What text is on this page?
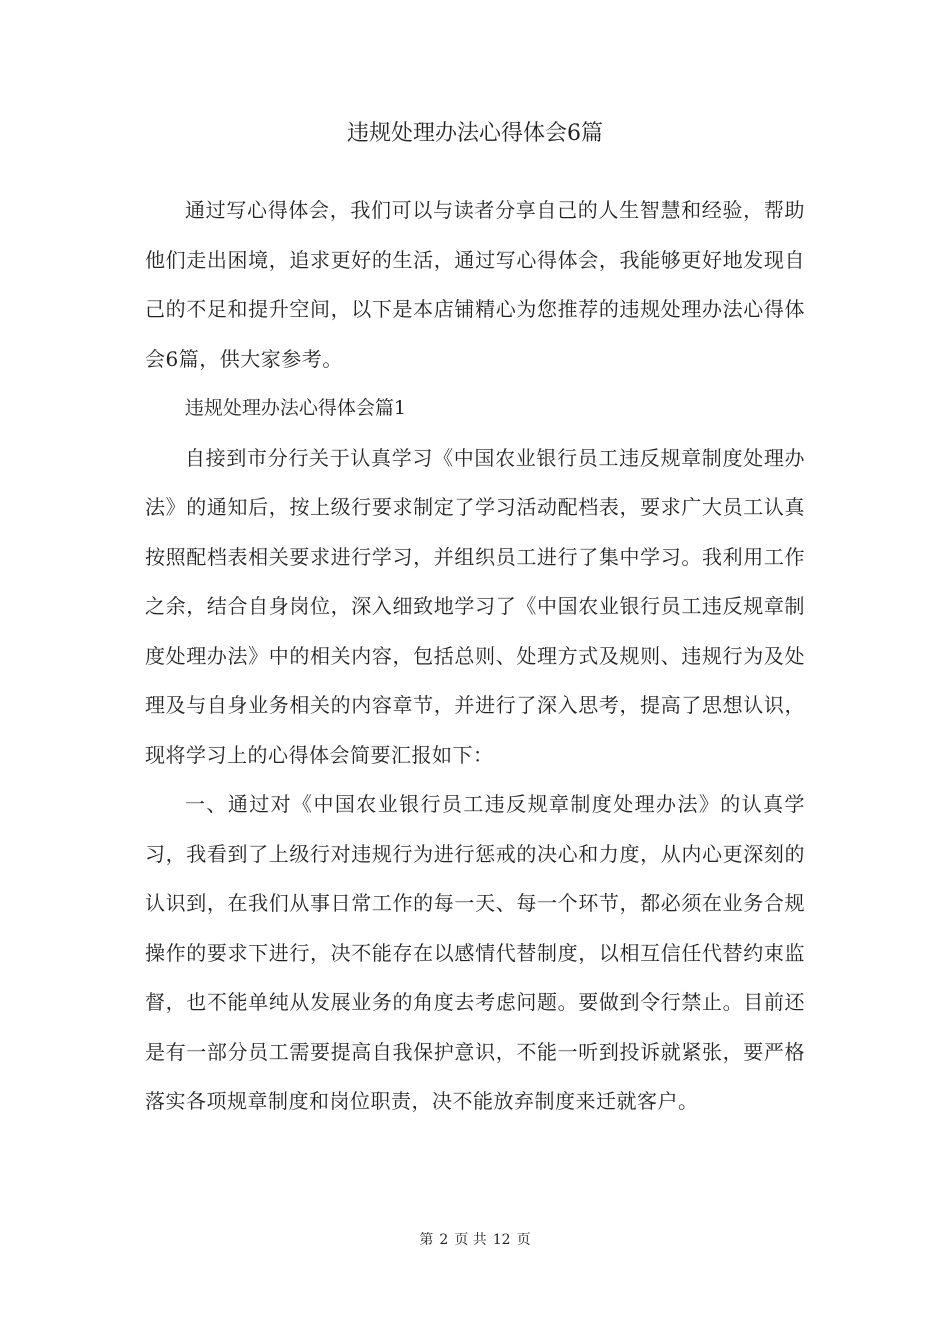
违规处理办法心得体会6篇

通过写心得体会，我们可以与读者分享自己的人生智慧和经验，帮助他们走出困境，追求更好的生活，通过写心得体会，我能够更好地发现自己的不足和提升空间，以下是本店铺精心为您推荐的违规处理办法心得体会6篇，供大家参考。

违规处理办法心得体会篇1

自接到市分行关于认真学习《中国农业银行员工违反规章制度处理办法》的通知后，按上级行要求制定了学习活动配档表，要求广大员工认真按照配档表相关要求进行学习，并组织员工进行了集中学习。我利用工作之余，结合自身岗位，深入细致地学习了《中国农业银行员工违反规章制度处理办法》中的相关内容，包括总则、处理方式及规则、违规行为及处理及与自身业务相关的内容章节，并进行了深入思考，提高了思想认识，现将学习上的心得体会简要汇报如下：

一、通过对《中国农业银行员工违反规章制度处理办法》的认真学习，我看到了上级行对违规行为进行惩戒的决心和力度，从内心更深刻的认识到，在我们从事日常工作的每一天、每一个环节，都必须在业务合规操作的要求下进行，决不能存在以感情代替制度，以相互信任代替约束监督，也不能单纯从发展业务的角度去考虑问题。要做到令行禁止。目前还是有一部分员工需要提高自我保护意识，不能一听到投诉就紧张，要严格落实各项规章制度和岗位职责，决不能放弃制度来迁就客户。

第 2 页 共 12 页
